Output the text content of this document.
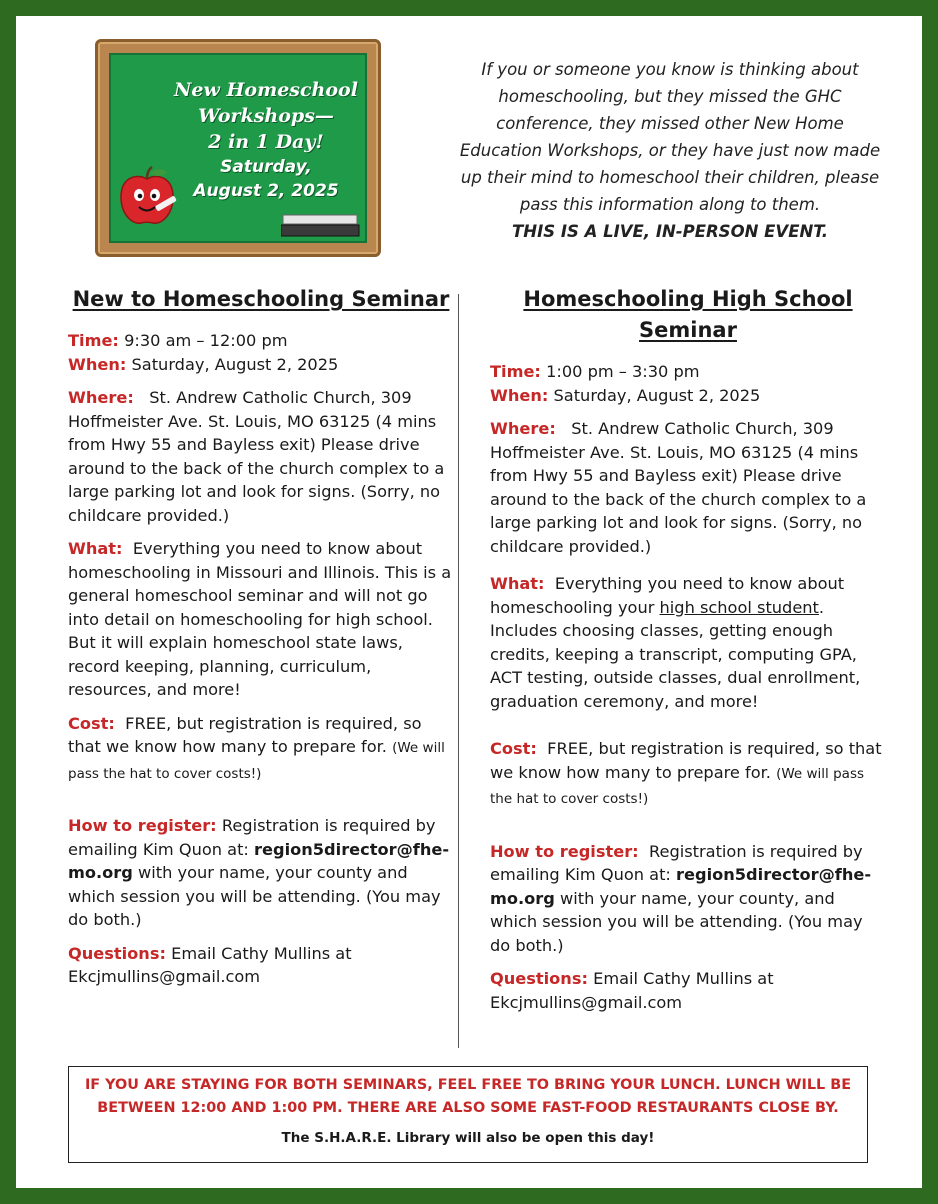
New Homeschool
Workshops—
2 in 1 Day!
Saturday,
August 2, 2025
If you or someone you know is thinking about homeschooling, but they missed the GHC conference, they missed other New Home Education Workshops, or they have just now made up their mind to homeschool their children, please pass this information along to them.
THIS IS A LIVE, IN-PERSON EVENT.
New to Homeschooling Seminar
Time: 9:30 am – 12:00 pm
When: Saturday, August 2, 2025
Where: St. Andrew Catholic Church, 309 Hoffmeister Ave. St. Louis, MO 63125 (4 mins from Hwy 55 and Bayless exit) Please drive around to the back of the church complex to a large parking lot and look for signs. (Sorry, no childcare provided.)
What: Everything you need to know about homeschooling in Missouri and Illinois. This is a general homeschool seminar and will not go into detail on homeschooling for high school. But it will explain homeschool state laws, record keeping, planning, curriculum, resources, and more!
Cost: FREE, but registration is required, so that we know how many to prepare for. (We will pass the hat to cover costs!)
How to register: Registration is required by emailing Kim Quon at: region5director@fhe-mo.org with your name, your county and which session you will be attending. (You may do both.)
Questions: Email Cathy Mullins at Ekcjmullins@gmail.com
Homeschooling High School Seminar
Time: 1:00 pm – 3:30 pm
When: Saturday, August 2, 2025
Where: St. Andrew Catholic Church, 309 Hoffmeister Ave. St. Louis, MO 63125 (4 mins from Hwy 55 and Bayless exit) Please drive around to the back of the church complex to a large parking lot and look for signs. (Sorry, no childcare provided.)
What: Everything you need to know about homeschooling your high school student. Includes choosing classes, getting enough credits, keeping a transcript, computing GPA, ACT testing, outside classes, dual enrollment, graduation ceremony, and more!
Cost: FREE, but registration is required, so that we know how many to prepare for. (We will pass the hat to cover costs!)
How to register: Registration is required by emailing Kim Quon at: region5director@fhe-mo.org with your name, your county, and which session you will be attending. (You may do both.)
Questions: Email Cathy Mullins at Ekcjmullins@gmail.com
IF YOU ARE STAYING FOR BOTH SEMINARS, FEEL FREE TO BRING YOUR LUNCH. LUNCH WILL BE BETWEEN 12:00 AND 1:00 PM. THERE ARE ALSO SOME FAST-FOOD RESTAURANTS CLOSE BY.
The S.H.A.R.E. Library will also be open this day!
